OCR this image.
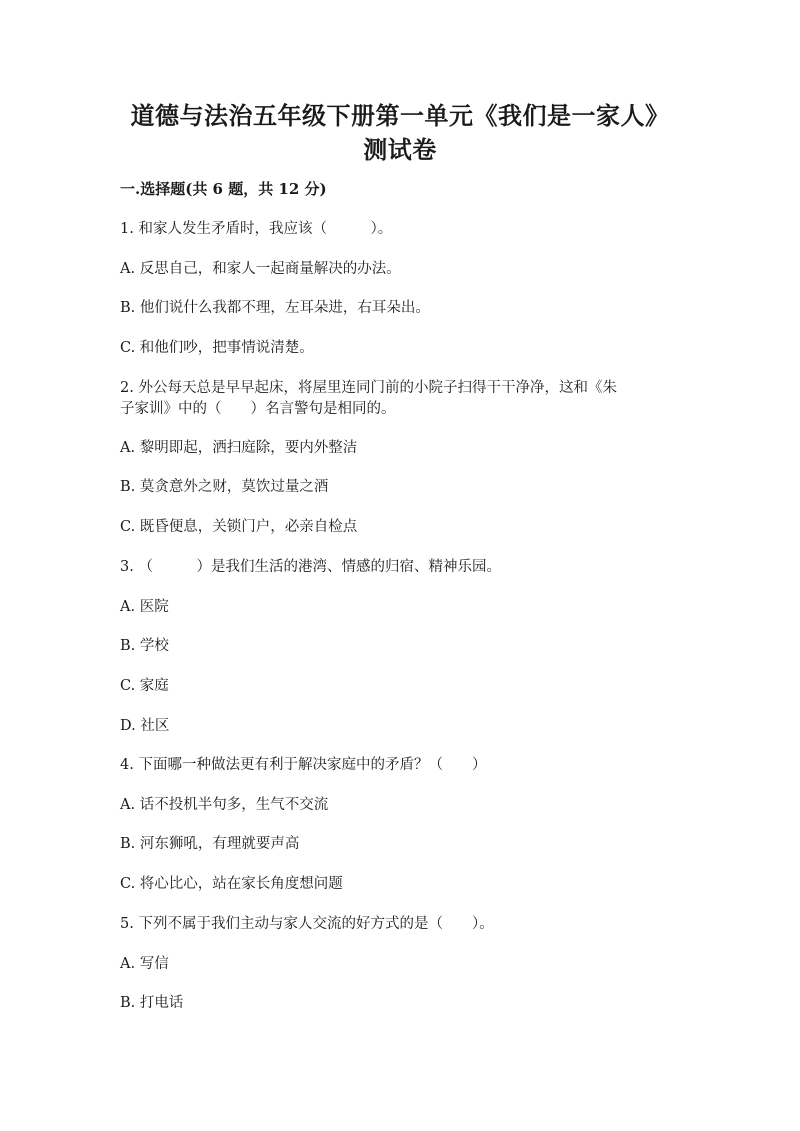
道德与法治五年级下册第一单元《我们是一家人》
测试卷
一.选择题(共 6 题，共 12 分)
1. 和家人发生矛盾时，我应该（　　　）。
A. 反思自己，和家人一起商量解决的办法。
B. 他们说什么我都不理，左耳朵进，右耳朵出。
C. 和他们吵，把事情说清楚。
2. 外公每天总是早早起床，将屋里连同门前的小院子扫得干干净净，这和《朱
子家训》中的（　　）名言警句是相同的。
A. 黎明即起，洒扫庭除，要内外整洁
B. 莫贪意外之财，莫饮过量之酒
C. 既昏便息，关锁门户，必亲自检点
3. （　　　）是我们生活的港湾、情感的归宿、精神乐园。
A. 医院
B. 学校
C. 家庭
D. 社区
4. 下面哪一种做法更有利于解决家庭中的矛盾？（　　）
A. 话不投机半句多，生气不交流
B. 河东狮吼，有理就要声高
C. 将心比心，站在家长角度想问题
5. 下列不属于我们主动与家人交流的好方式的是（　　）。
A. 写信
B. 打电话
